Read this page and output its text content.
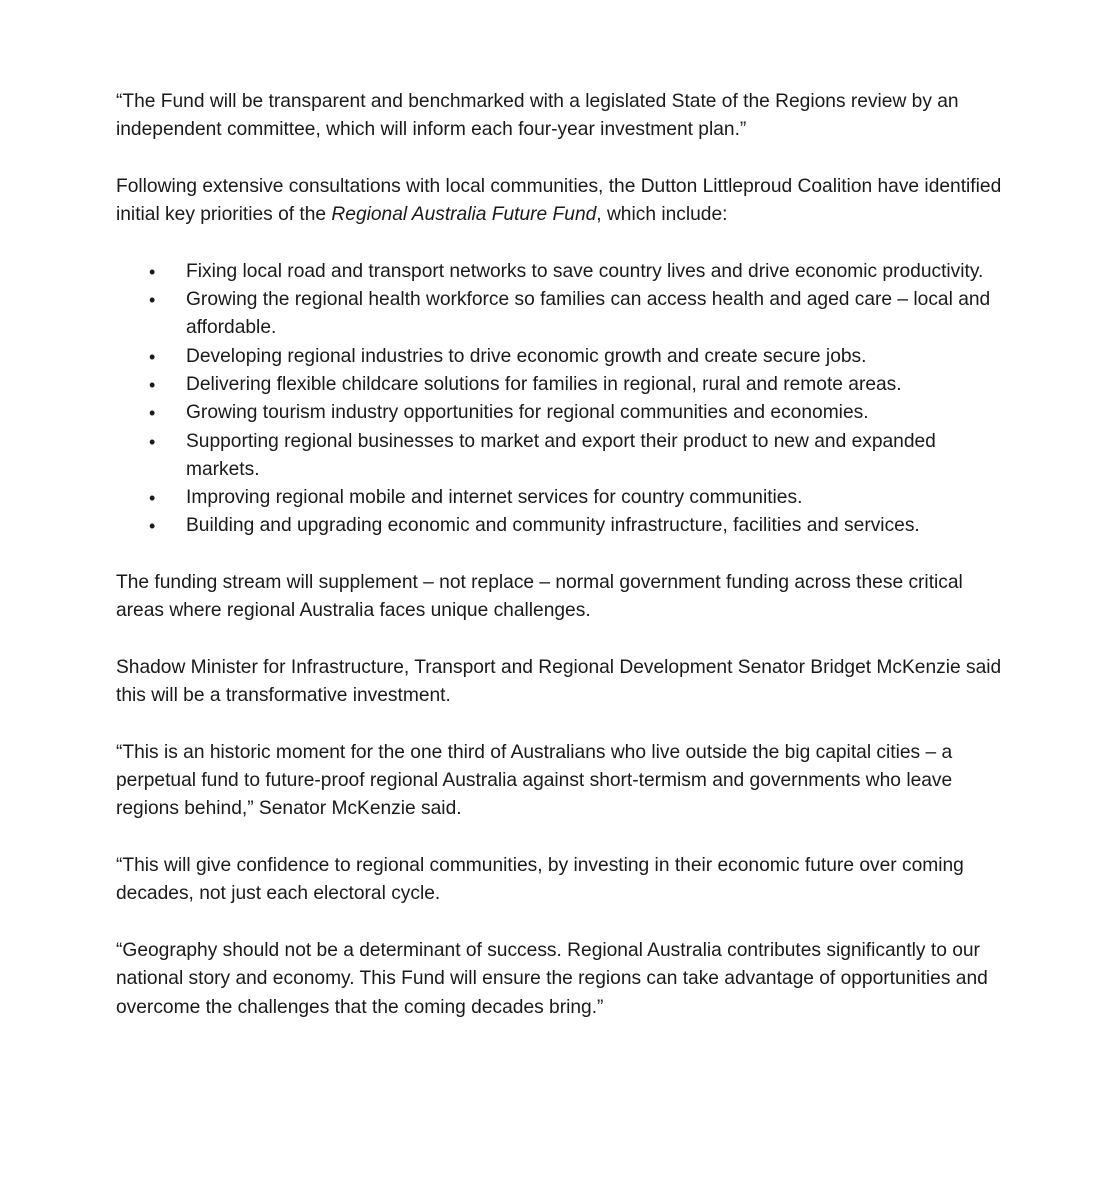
“The Fund will be transparent and benchmarked with a legislated State of the Regions review by an independent committee, which will inform each four-year investment plan.”

Following extensive consultations with local communities, the Dutton Littleproud Coalition have identified initial key priorities of the Regional Australia Future Fund, which include:

• Fixing local road and transport networks to save country lives and drive economic productivity.
• Growing the regional health workforce so families can access health and aged care – local and affordable.
• Developing regional industries to drive economic growth and create secure jobs.
• Delivering flexible childcare solutions for families in regional, rural and remote areas.
• Growing tourism industry opportunities for regional communities and economies.
• Supporting regional businesses to market and export their product to new and expanded markets.
• Improving regional mobile and internet services for country communities.
• Building and upgrading economic and community infrastructure, facilities and services.

The funding stream will supplement – not replace – normal government funding across these critical areas where regional Australia faces unique challenges.

Shadow Minister for Infrastructure, Transport and Regional Development Senator Bridget McKenzie said this will be a transformative investment.

“This is an historic moment for the one third of Australians who live outside the big capital cities – a perpetual fund to future-proof regional Australia against short-termism and governments who leave regions behind,” Senator McKenzie said.

“This will give confidence to regional communities, by investing in their economic future over coming decades, not just each electoral cycle.

“Geography should not be a determinant of success. Regional Australia contributes significantly to our national story and economy. This Fund will ensure the regions can take advantage of opportunities and overcome the challenges that the coming decades bring.”
